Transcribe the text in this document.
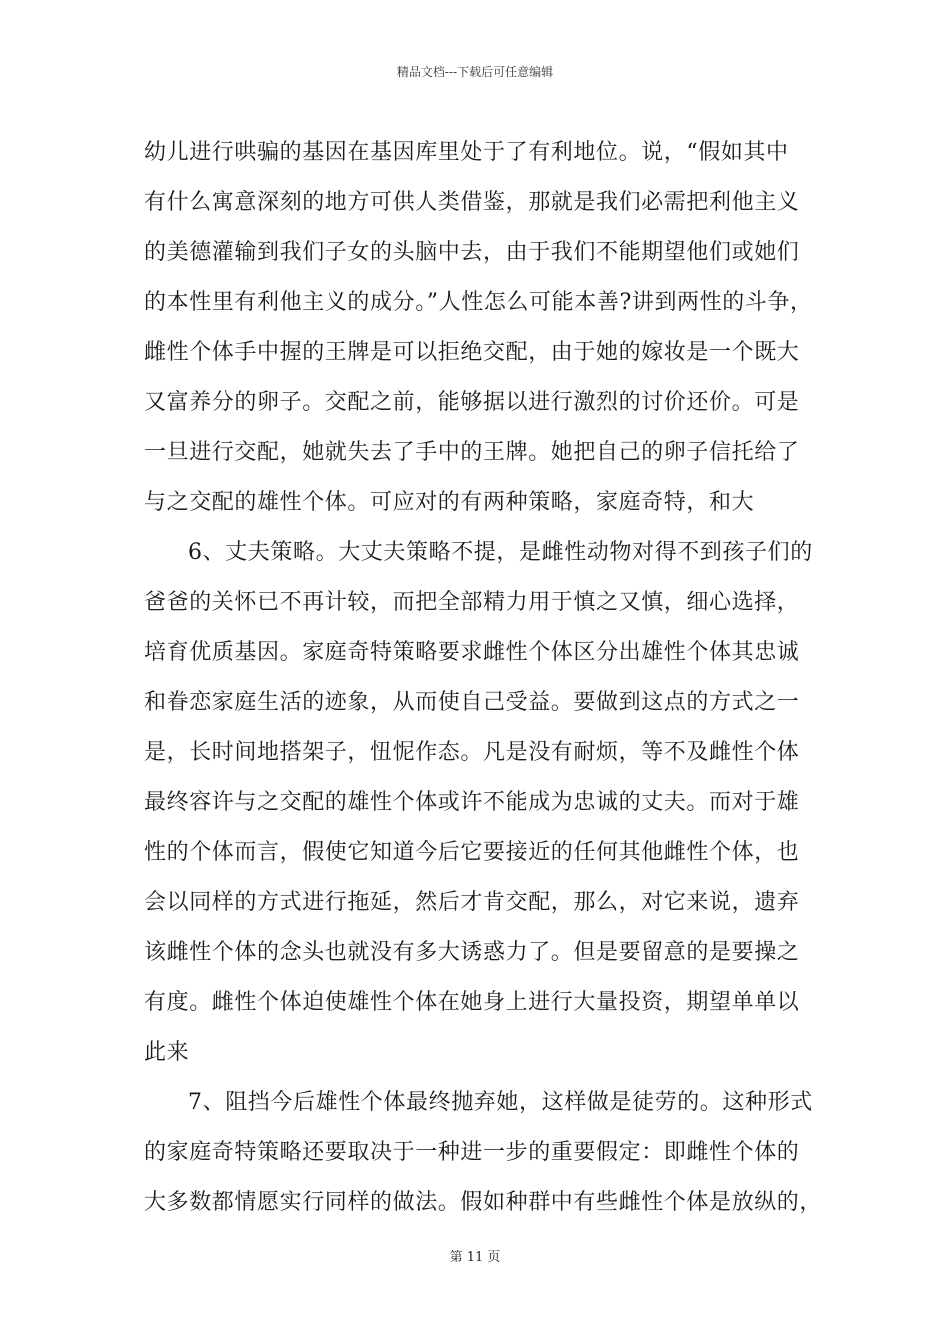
精品文档---下载后可任意编辑
幼儿进行哄骗的基因在基因库里处于了有利地位。说，“假如其中
有什么寓意深刻的地方可供人类借鉴，那就是我们必需把利他主义
的美德灌输到我们子女的头脑中去，由于我们不能期望他们或她们
的本性里有利他主义的成分。”人性怎么可能本善?讲到两性的斗争，
雌性个体手中握的王牌是可以拒绝交配，由于她的嫁妆是一个既大
又富养分的卵子。交配之前，能够据以进行激烈的讨价还价。可是
一旦进行交配，她就失去了手中的王牌。她把自己的卵子信托给了
与之交配的雄性个体。可应对的有两种策略，家庭奇特，和大
6、丈夫策略。大丈夫策略不提，是雌性动物对得不到孩子们的
爸爸的关怀已不再计较，而把全部精力用于慎之又慎，细心选择，
培育优质基因。家庭奇特策略要求雌性个体区分出雄性个体其忠诚
和眷恋家庭生活的迹象，从而使自己受益。要做到这点的方式之一
是，长时间地搭架子，忸怩作态。凡是没有耐烦，等不及雌性个体
最终容许与之交配的雄性个体或许不能成为忠诚的丈夫。而对于雄
性的个体而言，假使它知道今后它要接近的任何其他雌性个体，也
会以同样的方式进行拖延，然后才肯交配，那么，对它来说，遗弃
该雌性个体的念头也就没有多大诱惑力了。但是要留意的是要操之
有度。雌性个体迫使雄性个体在她身上进行大量投资，期望单单以
此来
7、阻挡今后雄性个体最终抛弃她，这样做是徒劳的。这种形式
的家庭奇特策略还要取决于一种进一步的重要假定：即雌性个体的
大多数都情愿实行同样的做法。假如种群中有些雌性个体是放纵的，
第 11 页
